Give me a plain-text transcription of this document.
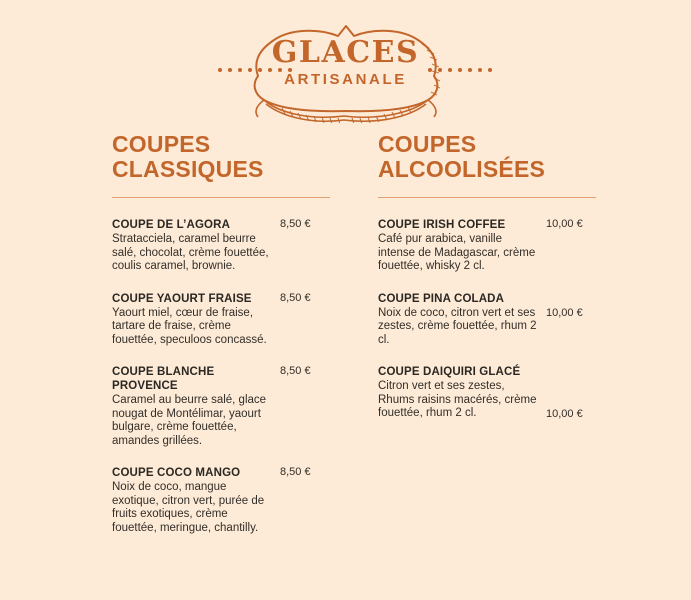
GLACES
ARTISANALE
COUPES
CLASSIQUES

COUPE DE L’AGORA

Stratacciela, caramel beurre salé, chocolat, crème fouettée, coulis caramel, brownie.

8,50 €

COUPE YAOURT FRAISE

Yaourt miel, cœur de fraise, tartare de fraise, crème fouettée, speculoos concassé.

8,50 €

COUPE BLANCHE PROVENCE

Caramel au beurre salé, glace nougat de Montélimar, yaourt bulgare, crème fouettée, amandes grillées.

8,50 €

COUPE COCO MANGO

Noix de coco, mangue exotique, citron vert, purée de fruits exotiques, crème fouettée, meringue, chantilly.

8,50 €
COUPES
ALCOOLISÉES

COUPE IRISH COFFEE

Café pur arabica, vanille intense de Madagascar, crème fouettée, whisky 2 cl.

10,00 €

COUPE PINA COLADA

Noix de coco, citron vert et ses zestes, crème fouettée, rhum 2 cl.

10,00 €

COUPE DAIQUIRI GLACÉ

Citron vert et ses zestes, Rhums raisins macérés, crème fouettée, rhum 2 cl.	10,00 €
